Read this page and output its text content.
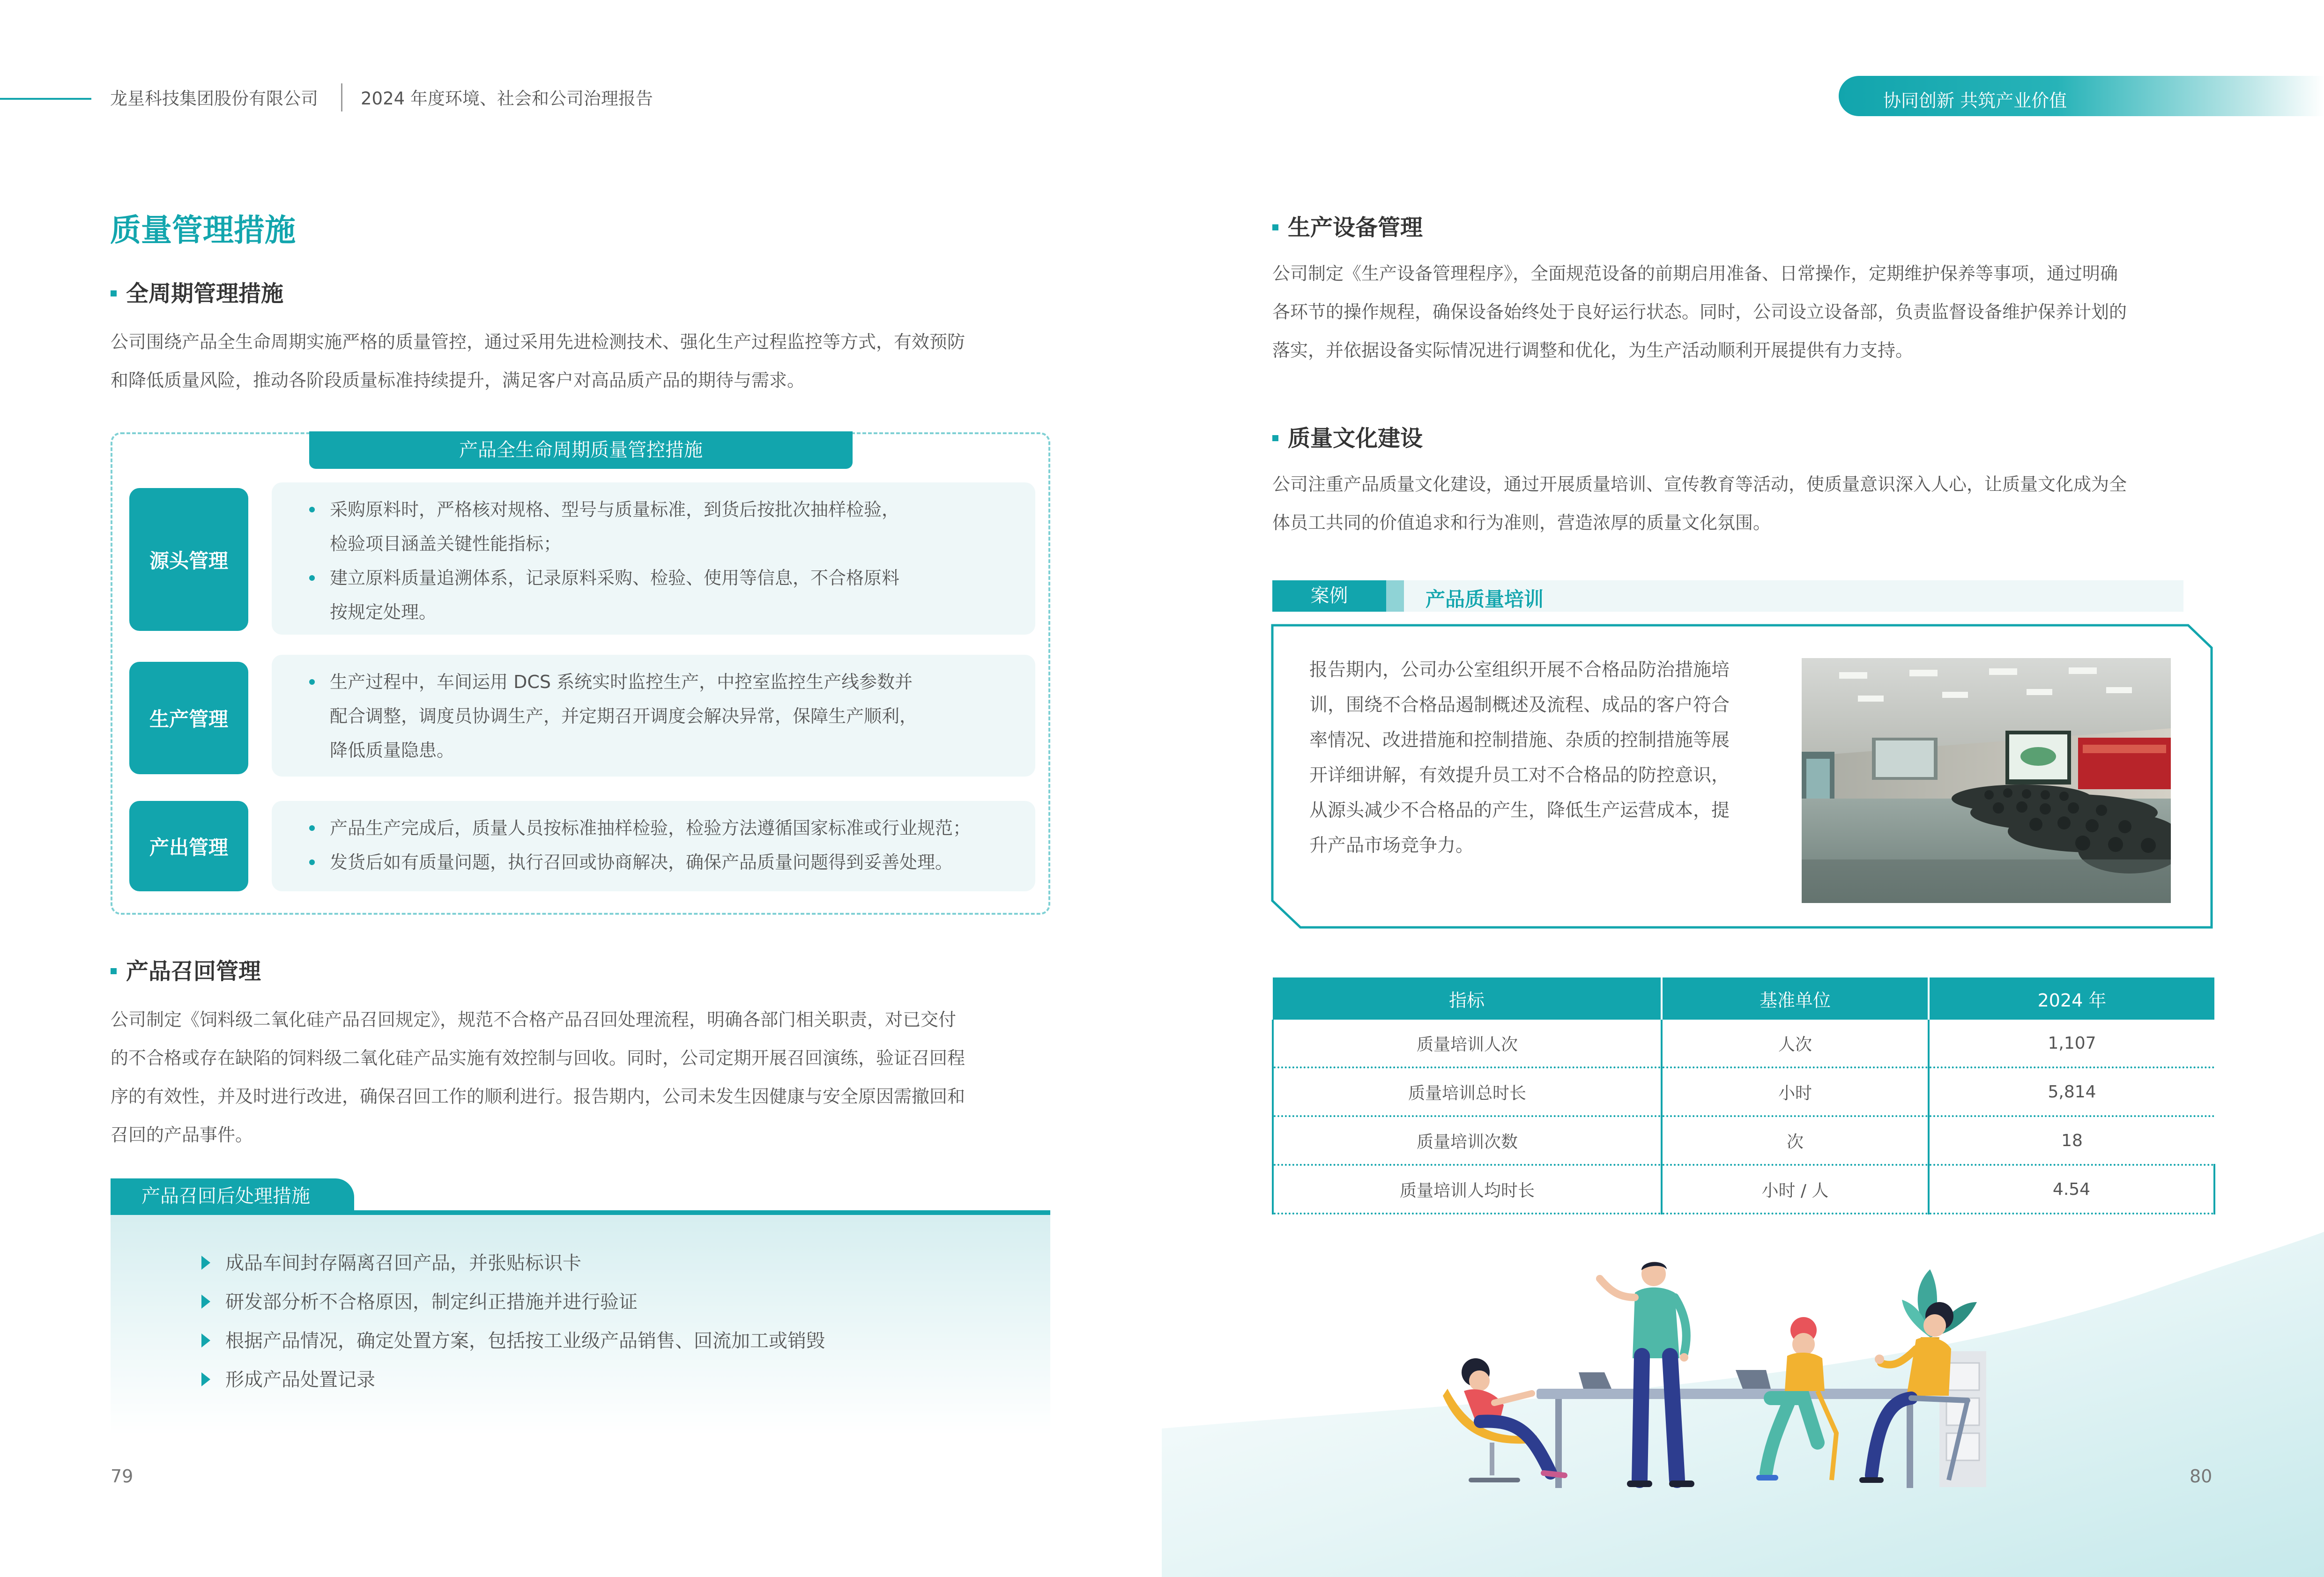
龙星科技集团股份有限公司 2024 年度环境、社会和公司治理报告	协同创新 共筑产业价值
质量管理措施
全周期管理措施
公司围绕产品全生命周期实施严格的质量管控，通过采用先进检测技术、强化生产过程监控等方式，有效预防
和降低质量风险，推动各阶段质量标准持续提升，满足客户对高品质产品的期待与需求。
产品全生命周期质量管控措施
源头管理
采购原料时，严格核对规格、型号与质量标准，到货后按批次抽样检验，
检验项目涵盖关键性能指标；
建立原料质量追溯体系，记录原料采购、检验、使用等信息，不合格原料
按规定处理。
生产管理
生产过程中，车间运用 DCS 系统实时监控生产，中控室监控生产线参数并
配合调整，调度员协调生产，并定期召开调度会解决异常，保障生产顺利，
降低质量隐患。
产出管理
产品生产完成后，质量人员按标准抽样检验，检验方法遵循国家标准或行业规范；
发货后如有质量问题，执行召回或协商解决，确保产品质量问题得到妥善处理。
产品召回管理
公司制定《饲料级二氧化硅产品召回规定》，规范不合格产品召回处理流程，明确各部门相关职责，对已交付
的不合格或存在缺陷的饲料级二氧化硅产品实施有效控制与回收。同时，公司定期开展召回演练，验证召回程
序的有效性，并及时进行改进，确保召回工作的顺利进行。报告期内，公司未发生因健康与安全原因需撤回和
召回的产品事件。
产品召回后处理措施
成品车间封存隔离召回产品，并张贴标识卡
研发部分析不合格原因，制定纠正措施并进行验证
根据产品情况，确定处置方案，包括按工业级产品销售、回流加工或销毁
形成产品处置记录
79
生产设备管理
公司制定《生产设备管理程序》，全面规范设备的前期启用准备、日常操作，定期维护保养等事项，通过明确
各环节的操作规程，确保设备始终处于良好运行状态。同时，公司设立设备部，负责监督设备维护保养计划的
落实，并依据设备实际情况进行调整和优化，为生产活动顺利开展提供有力支持。
质量文化建设
公司注重产品质量文化建设，通过开展质量培训、宣传教育等活动，使质量意识深入人心，让质量文化成为全
体员工共同的价值追求和行为准则，营造浓厚的质量文化氛围。
案例	产品质量培训
报告期内，公司办公室组织开展不合格品防治措施培
训，围绕不合格品遏制概述及流程、成品的客户符合
率情况、改进措施和控制措施、杂质的控制措施等展
开详细讲解，有效提升员工对不合格品的防控意识，
从源头减少不合格品的产生，降低生产运营成本，提
升产品市场竞争力。
指标	基准单位	2024 年
质量培训人次	人次	1,107
质量培训总时长	小时	5,814
质量培训次数	次	18
质量培训人均时长	小时 / 人	4.54
80
